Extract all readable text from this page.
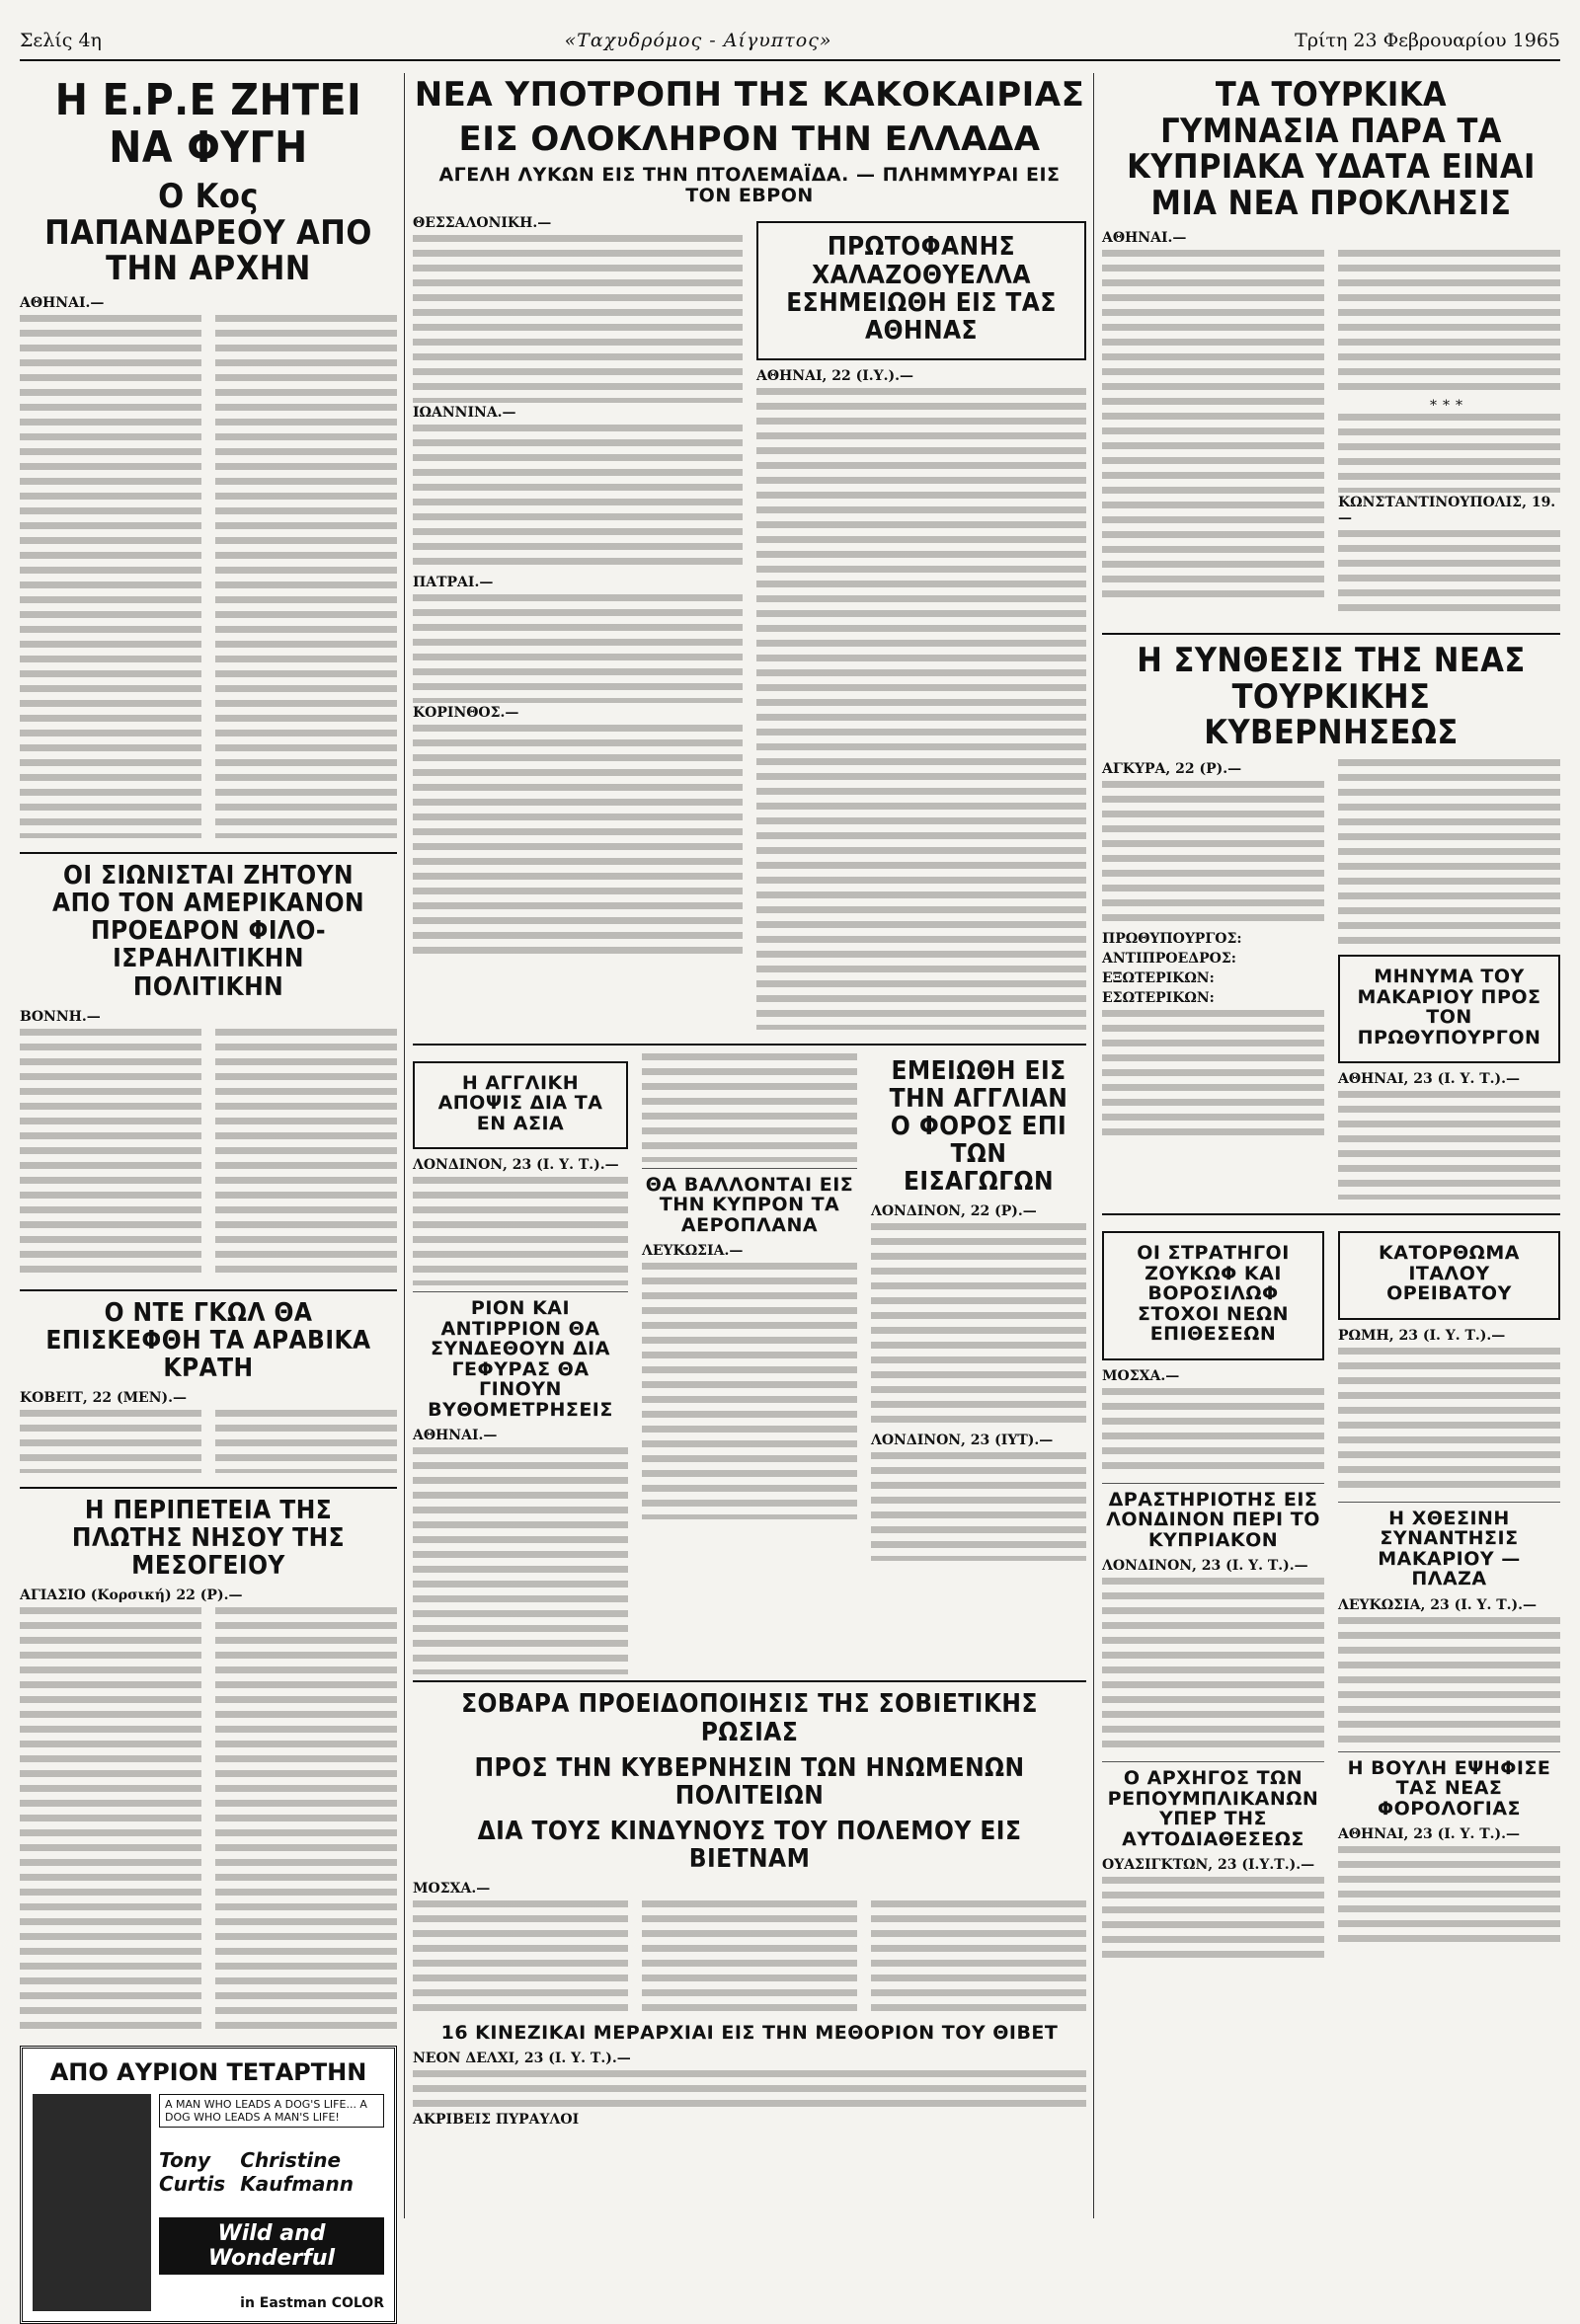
Σελίς 4η	«Ταχυδρόμος - Αίγυπτος»	Τρίτη 23 Φεβρουαρίου 1965
Η Ε.Ρ.Ε ΖΗΤΕΙ ΝΑ ΦΥΓΗ
Ο Κος ΠΑΠΑΝΔΡΕΟΥ ΑΠΟ ΤΗΝ ΑΡΧΗΝ
ΑΘΗΝΑΙ.—
ΟΙ ΣΙΩΝΙΣΤΑΙ ΖΗΤΟΥΝ ΑΠΟ ΤΟΝ ΑΜΕΡΙΚΑΝΟΝ ΠΡΟΕΔΡΟΝ ΦΙΛΟ-ΙΣΡΑΗΛΙΤΙΚΗΝ ΠΟΛΙΤΙΚΗΝ
ΒΟΝΝΗ.—
Ο ΝΤΕ ΓΚΩΛ ΘΑ ΕΠΙΣΚΕΦΘΗ ΤΑ ΑΡΑΒΙΚΑ ΚΡΑΤΗ
ΚΟΒΕΙΤ, 22 (ΜΕΝ).—
Η ΠΕΡΙΠΕΤΕΙΑ ΤΗΣ ΠΛΩΤΗΣ ΝΗΣΟΥ ΤΗΣ ΜΕΣΟΓΕΙΟΥ
ΑΓΙΑΣΙΟ (Κορσική) 22 (Ρ).—
ΑΠΟ ΑΥΡΙΟΝ ΤΕΤΑΡΤΗΝ
A MAN WHO LEADS A DOG'S LIFE... A DOG WHO LEADS A MAN'S LIFE!
Tony Curtis
Christine Kaufmann
Wild and Wonderful
in Eastman COLOR
ΝΕΑ ΥΠΟΤΡΟΠΗ ΤΗΣ ΚΑΚΟΚΑΙΡΙΑΣ
ΕΙΣ ΟΛΟΚΛΗΡΟΝ ΤΗΝ ΕΛΛΑΔΑ
ΑΓΕΛΗ ΛΥΚΩΝ ΕΙΣ ΤΗΝ ΠΤΟΛΕΜΑΪΔΑ. — ΠΛΗΜΜΥΡΑΙ ΕΙΣ ΤΟΝ ΕΒΡΟΝ
ΘΕΣΣΑΛΟΝΙΚΗ.—
ΙΩΑΝΝΙΝΑ.—
ΠΑΤΡΑΙ.—
ΚΟΡΙΝΘΟΣ.—
ΠΡΩΤΟΦΑΝΗΣ ΧΑΛΑΖΟΘΥΕΛΛΑ ΕΣΗΜΕΙΩΘΗ ΕΙΣ ΤΑΣ ΑΘΗΝΑΣ
ΑΘΗΝΑΙ, 22 (Ι.Υ.).—
Η ΑΓΓΛΙΚΗ ΑΠΟΨΙΣ ΔΙΑ ΤΑ ΕΝ ΑΣΙΑ
ΛΟΝΔΙΝΟΝ, 23 (Ι. Υ. Τ.).—
ΡΙΟΝ ΚΑΙ ΑΝΤΙΡΡΙΟΝ ΘΑ ΣΥΝΔΕΘΟΥΝ ΔΙΑ ΓΕΦΥΡΑΣ ΘΑ ΓΙΝΟΥΝ ΒΥΘΟΜΕΤΡΗΣΕΙΣ
ΑΘΗΝΑΙ.—
ΘΑ ΒΑΛΛΟΝΤΑΙ ΕΙΣ ΤΗΝ ΚΥΠΡΟΝ ΤΑ ΑΕΡΟΠΛΑΝΑ
ΛΕΥΚΩΣΙΑ.—
ΕΜΕΙΩΘΗ ΕΙΣ ΤΗΝ ΑΓΓΛΙΑΝ Ο ΦΟΡΟΣ ΕΠΙ ΤΩΝ ΕΙΣΑΓΩΓΩΝ
ΛΟΝΔΙΝΟΝ, 22 (Ρ).—
ΛΟΝΔΙΝΟΝ, 23 (ΙΥΤ).—
ΣΟΒΑΡΑ ΠΡΟΕΙΔΟΠΟΙΗΣΙΣ ΤΗΣ ΣΟΒΙΕΤΙΚΗΣ ΡΩΣΙΑΣ
ΠΡΟΣ ΤΗΝ ΚΥΒΕΡΝΗΣΙΝ ΤΩΝ ΗΝΩΜΕΝΩΝ ΠΟΛΙΤΕΙΩΝ
ΔΙΑ ΤΟΥΣ ΚΙΝΔΥΝΟΥΣ ΤΟΥ ΠΟΛΕΜΟΥ ΕΙΣ ΒΙΕΤΝΑΜ
ΜΟΣΧΑ.—
16 ΚΙΝΕΖΙΚΑΙ ΜΕΡΑΡΧΙΑΙ ΕΙΣ ΤΗΝ ΜΕΘΟΡΙΟΝ ΤΟΥ ΘΙΒΕΤ
ΝΕΟΝ ΔΕΛΧΙ, 23 (Ι. Υ. Τ.).—
ΑΚΡΙΒΕΙΣ ΠΥΡΑΥΛΟΙ
ΤΑ ΤΟΥΡΚΙΚΑ ΓΥΜΝΑΣΙΑ ΠΑΡΑ ΤΑ ΚΥΠΡΙΑΚΑ ΥΔΑΤΑ ΕΙΝΑΙ ΜΙΑ ΝΕΑ ΠΡΟΚΛΗΣΙΣ
ΑΘΗΝΑΙ.—
***
ΚΩΝΣΤΑΝΤΙΝΟΥΠΟΛΙΣ, 19.—
Η ΣΥΝΘΕΣΙΣ ΤΗΣ ΝΕΑΣ ΤΟΥΡΚΙΚΗΣ ΚΥΒΕΡΝΗΣΕΩΣ
ΑΓΚΥΡΑ, 22 (Ρ).—
ΠΡΩΘΥΠΟΥΡΓΟΣ:
ΑΝΤΙΠΡΟΕΔΡΟΣ:
ΕΞΩΤΕΡΙΚΩΝ:
ΕΣΩΤΕΡΙΚΩΝ:
ΜΗΝΥΜΑ ΤΟΥ ΜΑΚΑΡΙΟΥ ΠΡΟΣ ΤΟΝ ΠΡΩΘΥΠΟΥΡΓΟΝ
ΑΘΗΝΑΙ, 23 (Ι. Υ. Τ.).—
ΟΙ ΣΤΡΑΤΗΓΟΙ ΖΟΥΚΩΦ ΚΑΙ ΒΟΡΟΣΙΛΩΦ ΣΤΟΧΟΙ ΝΕΩΝ ΕΠΙΘΕΣΕΩΝ
ΜΟΣΧΑ.—
ΔΡΑΣΤΗΡΙΟΤΗΣ ΕΙΣ ΛΟΝΔΙΝΟΝ ΠΕΡΙ ΤΟ ΚΥΠΡΙΑΚΟΝ
ΛΟΝΔΙΝΟΝ, 23 (Ι. Υ. Τ.).—
Ο ΑΡΧΗΓΟΣ ΤΩΝ ΡΕΠΟΥΜΠΛΙΚΑΝΩΝ ΥΠΕΡ ΤΗΣ ΑΥΤΟΔΙΑΘΕΣΕΩΣ
ΟΥΑΣΙΓΚΤΩΝ, 23 (Ι.Υ.Τ.).—
ΚΑΤΟΡΘΩΜΑ ΙΤΑΛΟΥ ΟΡΕΙΒΑΤΟΥ
ΡΩΜΗ, 23 (Ι. Υ. Τ.).—
Η ΧΘΕΣΙΝΗ ΣΥΝΑΝΤΗΣΙΣ ΜΑΚΑΡΙΟΥ — ΠΛΑΖΑ
ΛΕΥΚΩΣΙΑ, 23 (Ι. Υ. Τ.).—
Η ΒΟΥΛΗ ΕΨΗΦΙΣΕ ΤΑΣ ΝΕΑΣ ΦΟΡΟΛΟΓΙΑΣ
ΑΘΗΝΑΙ, 23 (Ι. Υ. Τ.).—
